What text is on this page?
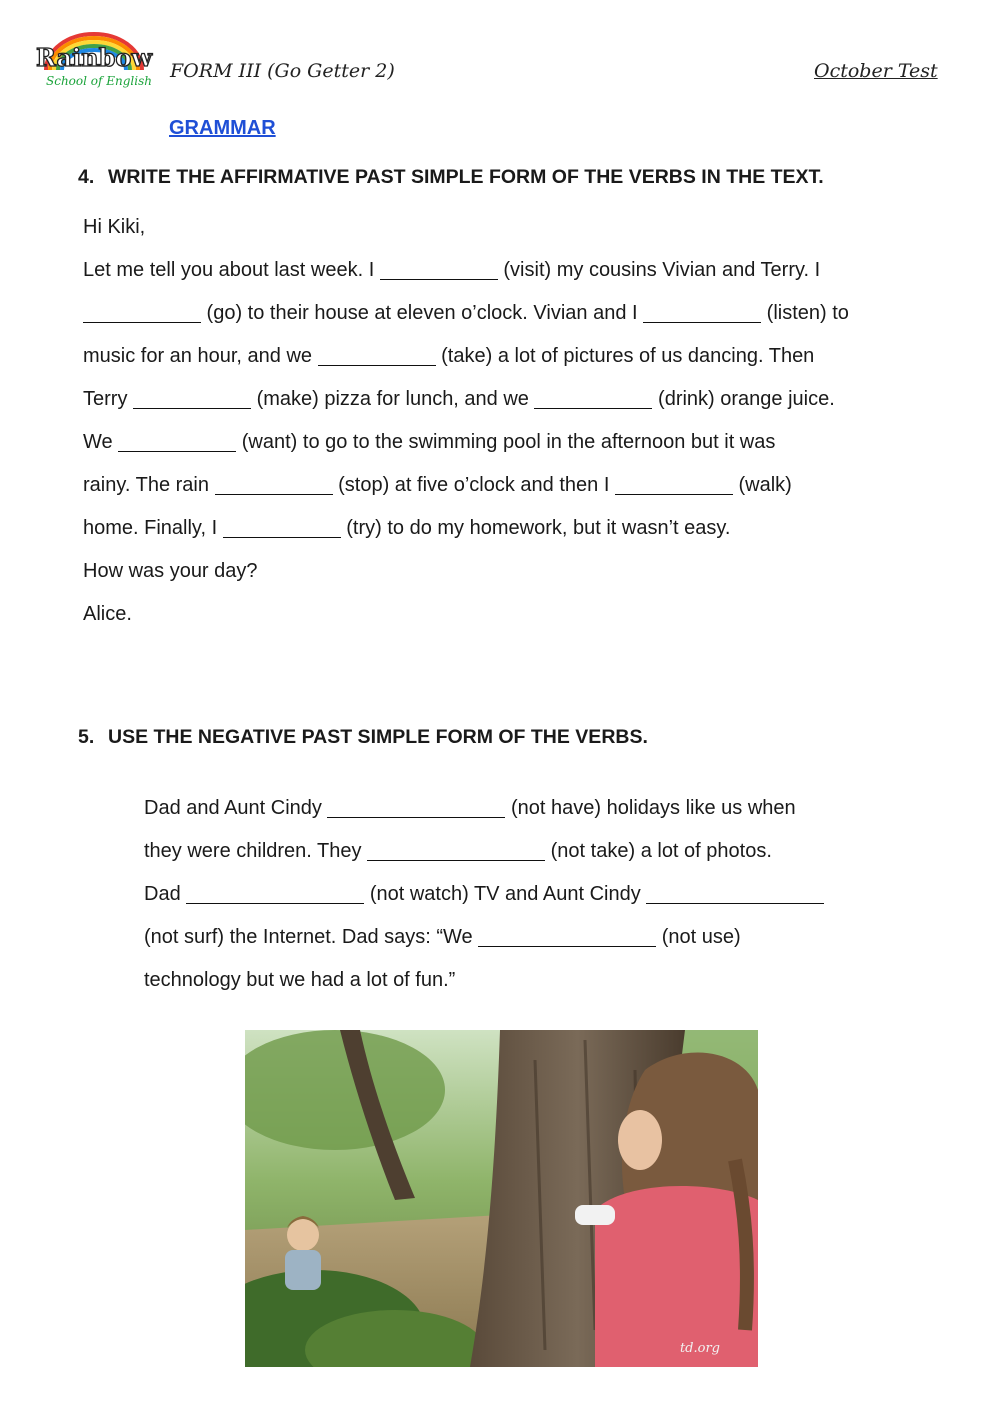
Rainbow
School of English FORM III (Go Getter 2)	October Test
GRAMMAR
4. WRITE THE AFFIRMATIVE PAST SIMPLE FORM OF THE VERBS IN THE TEXT.
Hi Kiki,
Let me tell you about last week. I	(visit) my cousins Vivian and Terry. I
(go) to their house at eleven o’clock. Vivian and I	(listen) to
music for an hour, and we	(take) a lot of pictures of us dancing. Then
Terry	(make) pizza for lunch, and we	(drink) orange juice.
We	(want) to go to the swimming pool in the afternoon but it was
rainy. The rain	(stop) at five o’clock and then I	(walk)
home. Finally, I	(try) to do my homework, but it wasn’t easy.
How was your day?
Alice.
5. USE THE NEGATIVE PAST SIMPLE FORM OF THE VERBS.
Dad and Aunt Cindy	(not have) holidays like us when
they were children. They	(not take) a lot of photos.
Dad	(not watch) TV and Aunt Cindy
(not surf) the Internet. Dad says: “We	(not use)
technology but we had a lot of fun.”
td.org
